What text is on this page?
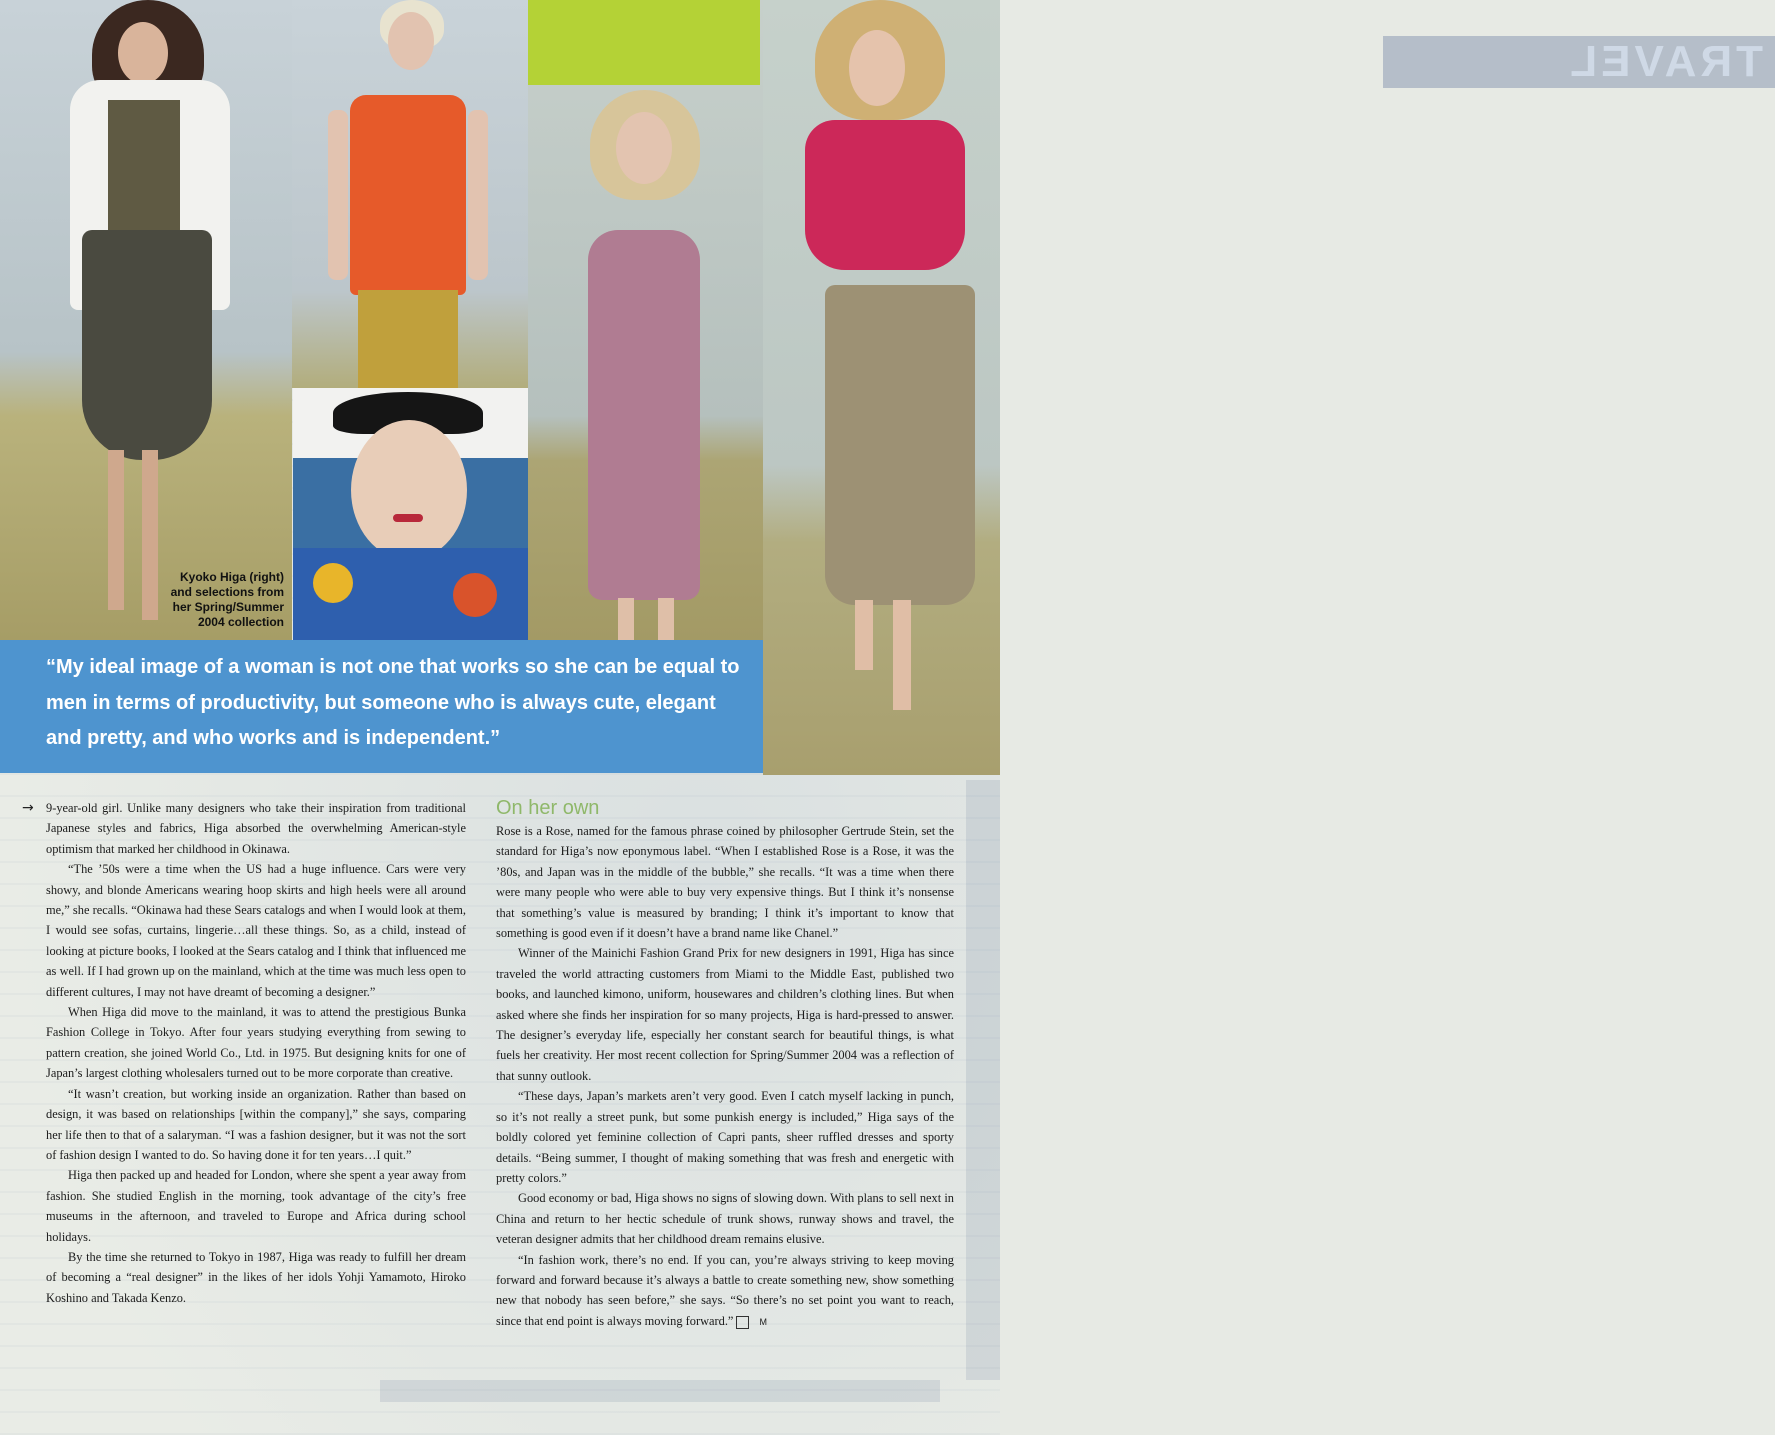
Kyoko Higa (right)
and selections from
her Spring/Summer
2004 collection
TRAVEL
“My ideal image of a woman is not one that works so she can be equal to men in terms of productivity, but someone who is always cute, elegant and pretty, and who works and is independent.”
→ 9-year-old girl. Unlike many designers who take their inspiration from traditional Japanese styles and fabrics, Higa absorbed the overwhelming American-style optimism that marked her childhood in Okinawa.

“The ’50s were a time when the US had a huge influence. Cars were very showy, and blonde Americans wearing hoop skirts and high heels were all around me,” she recalls. “Okinawa had these Sears catalogs and when I would look at them, I would see sofas, curtains, lingerie…all these things. So, as a child, instead of looking at picture books, I looked at the Sears catalog and I think that influenced me as well. If I had grown up on the mainland, which at the time was much less open to different cultures, I may not have dreamt of becoming a designer.”

When Higa did move to the mainland, it was to attend the prestigious Bunka Fashion College in Tokyo. After four years studying everything from sewing to pattern creation, she joined World Co., Ltd. in 1975. But designing knits for one of Japan’s largest clothing wholesalers turned out to be more corporate than creative.

“It wasn’t creation, but working inside an organization. Rather than based on design, it was based on relationships [within the company],” she says, comparing her life then to that of a salaryman. “I was a fashion designer, but it was not the sort of fashion design I wanted to do. So having done it for ten years…I quit.”

Higa then packed up and headed for London, where she spent a year away from fashion. She studied English in the morning, took advantage of the city’s free museums in the afternoon, and traveled to Europe and Africa during school holidays.

By the time she returned to Tokyo in 1987, Higa was ready to fulfill her dream of becoming a “real designer” in the likes of her idols Yohji Yamamoto, Hiroko Koshino and Takada Kenzo.

On her own

Rose is a Rose, named for the famous phrase coined by philosopher Gertrude Stein, set the standard for Higa’s now eponymous label. “When I established Rose is a Rose, it was the ’80s, and Japan was in the middle of the bubble,” she recalls. “It was a time when there were many people who were able to buy very expensive things. But I think it’s nonsense that something’s value is measured by branding; I think it’s important to know that something is good even if it doesn’t have a brand name like Chanel.”

Winner of the Mainichi Fashion Grand Prix for new designers in 1991, Higa has since traveled the world attracting customers from Miami to the Middle East, published two books, and launched kimono, uniform, housewares and children’s clothing lines. But when asked where she finds her inspiration for so many projects, Higa is hard-pressed to answer. The designer’s everyday life, especially her constant search for beautiful things, is what fuels her creativity. Her most recent collection for Spring/Summer 2004 was a reflection of that sunny outlook.

“These days, Japan’s markets aren’t very good. Even I catch myself lacking in punch, so it’s not really a street punk, but some punkish energy is included,” Higa says of the boldly colored yet feminine collection of Capri pants, sheer ruffled dresses and sporty details. “Being summer, I thought of making something that was fresh and energetic with pretty colors.”

Good economy or bad, Higa shows no signs of slowing down. With plans to sell next in China and return to her hectic schedule of trunk shows, runway shows and travel, the veteran designer admits that her childhood dream remains elusive.

“In fashion work, there’s no end. If you can, you’re always striving to keep moving forward and forward because it’s always a battle to create something new, show something new that nobody has seen before,” she says. “So there’s no set point you want to reach, since that end point is always moving forward.”	M
